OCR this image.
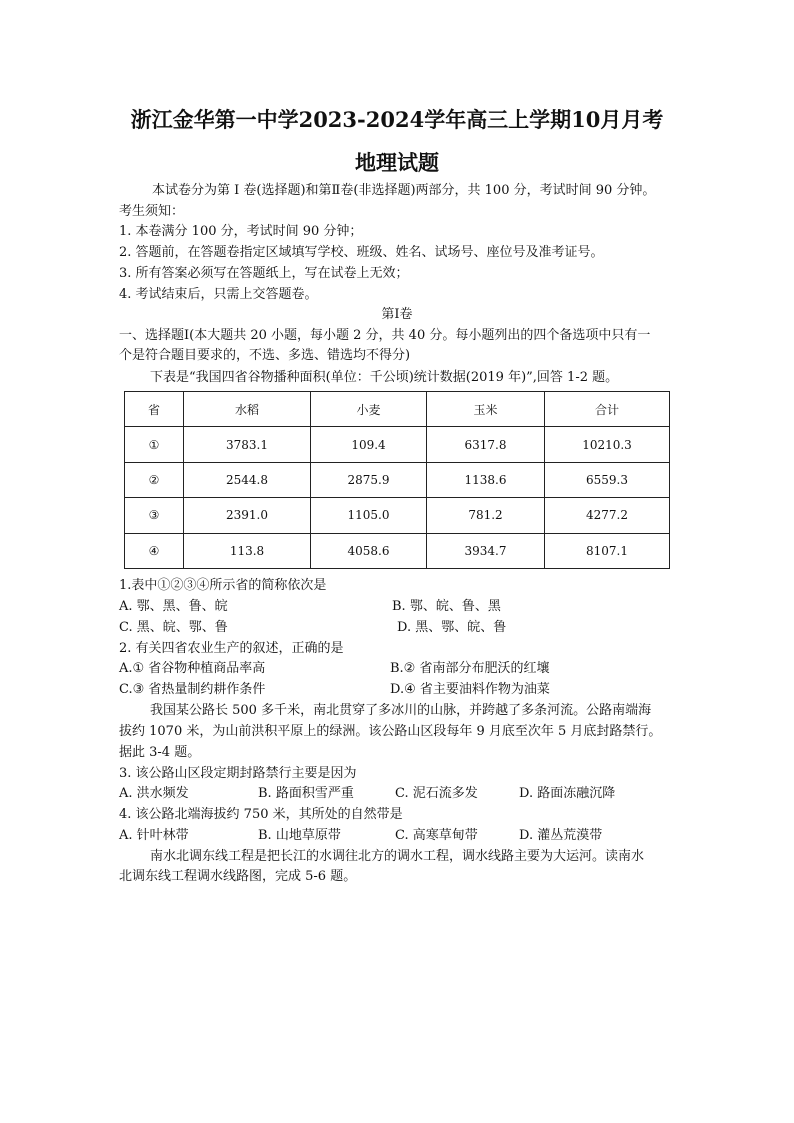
浙江金华第一中学2023-2024学年高三上学期10月月考
地理试题
本试卷分为第 Ⅰ 卷(选择题)和第Ⅱ卷(非选择题)两部分，共 100 分，考试时间 90 分钟。
考生须知：
1. 本卷满分 100 分，考试时间 90 分钟；
2. 答题前，在答题卷指定区域填写学校、班级、姓名、试场号、座位号及准考证号。
3. 所有答案必须写在答题纸上，写在试卷上无效；
4. 考试结束后，只需上交答题卷。
第Ⅰ卷
一、选择题Ⅰ(本大题共 20 小题，每小题 2 分，共 40 分。每小题列出的四个备选项中只有一
个是符合题目要求的，不选、多选、错选均不得分)
下表是“我国四省谷物播种面积(单位：千公顷)统计数据(2019 年)”,回答 1-2 题。
省	水稻	小麦	玉米	合计
①	3783.1	109.4	6317.8	10210.3
②	2544.8	2875.9	1138.6	6559.3
③	2391.0	1105.0	781.2	4277.2
④	113.8	4058.6	3934.7	8107.1
1.表中①②③④所示省的简称依次是
A. 鄂、黑、鲁、皖	B. 鄂、皖、鲁、黑
C. 黑、皖、鄂、鲁	D. 黑、鄂、皖、鲁
2. 有关四省农业生产的叙述，正确的是
A.① 省谷物种植商品率高	B.② 省南部分布肥沃的红壤
C.③ 省热量制约耕作条件	D.④ 省主要油料作物为油菜
我国某公路长 500 多千米，南北贯穿了多冰川的山脉，并跨越了多条河流。公路南端海
拔约 1070 米，为山前洪积平原上的绿洲。该公路山区段每年 9 月底至次年 5 月底封路禁行。
据此 3-4 题。
3. 该公路山区段定期封路禁行主要是因为
A. 洪水频发	B. 路面积雪严重	C. 泥石流多发	D. 路面冻融沉降
4. 该公路北端海拔约 750 米，其所处的自然带是
A. 针叶林带	B. 山地草原带	C. 高寒草甸带	D. 灌丛荒漠带
南水北调东线工程是把长江的水调往北方的调水工程，调水线路主要为大运河。读南水
北调东线工程调水线路图，完成 5-6 题。
